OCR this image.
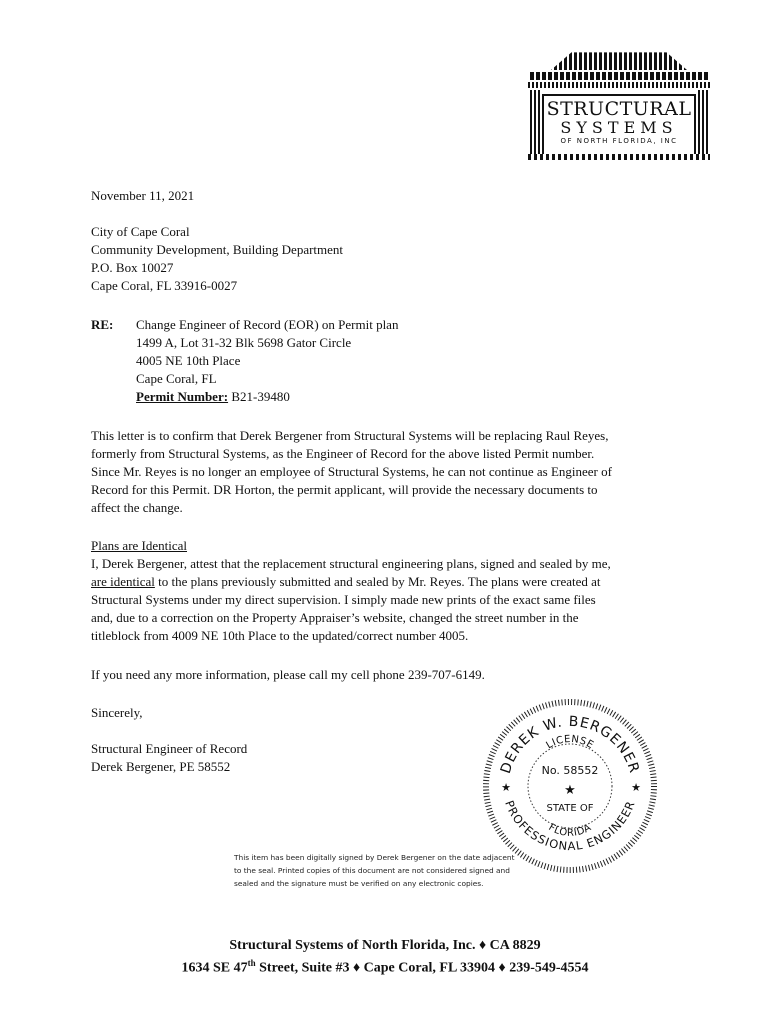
STRUCTURAL
SYSTEMS
OF NORTH FLORIDA, INC
November 11, 2021
City of Cape Coral
Community Development, Building Department
P.O. Box 10027
Cape Coral, FL 33916-0027
RE: Change Engineer of Record (EOR) on Permit plan
1499 A, Lot 31-32 Blk 5698 Gator Circle
4005 NE 10th Place
Cape Coral, FL
Permit Number: B21-39480
This letter is to confirm that Derek Bergener from Structural Systems will be replacing Raul Reyes,
formerly from Structural Systems, as the Engineer of Record for the above listed Permit number.
Since Mr. Reyes is no longer an employee of Structural Systems, he can not continue as Engineer of
Record for this Permit. DR Horton, the permit applicant, will provide the necessary documents to
affect the change.
Plans are Identical
I, Derek Bergener, attest that the replacement structural engineering plans, signed and sealed by me,
are identical to the plans previously submitted and sealed by Mr. Reyes. The plans were created at
Structural Systems under my direct supervision. I simply made new prints of the exact same files
and, due to a correction on the Property Appraiser’s website, changed the street number in the
titleblock from 4009 NE 10th Place to the updated/correct number 4005.
If you need any more information, please call my cell phone 239-707-6149.
Sincerely,
Structural Engineer of Record
Derek Bergener, PE 58552	DEREK W. BERGENER
PROFESSIONAL ENGINEER
LICENSE
FLORIDA
No. 58552
★
STATE OF
★	★
This item has been digitally signed by Derek Bergener on the date adjacent
to the seal. Printed copies of this document are not considered signed and
sealed and the signature must be verified on any electronic copies.
Structural Systems of North Florida, Inc. ♦ CA 8829
1634 SE 47th Street, Suite #3 ♦ Cape Coral, FL 33904 ♦ 239-549-4554
